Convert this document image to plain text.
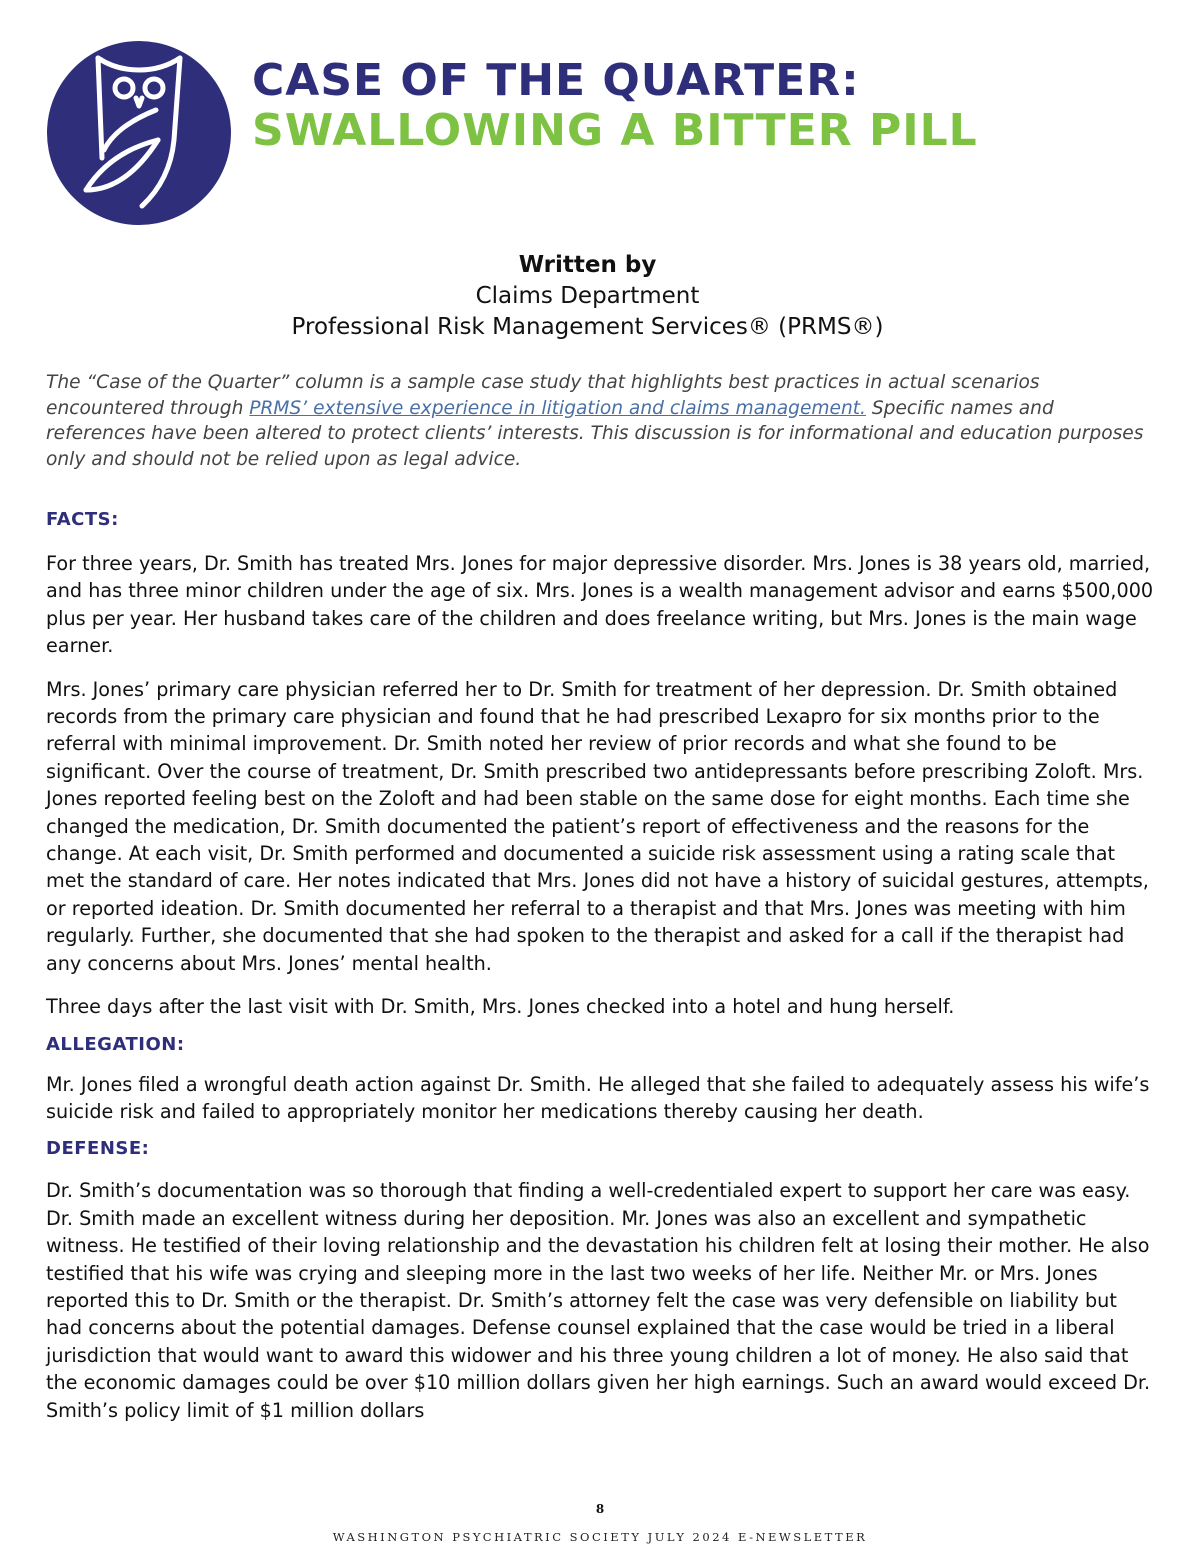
CASE OF THE QUARTER:
SWALLOWING A BITTER PILL
Written by
Claims Department
Professional Risk Management Services® (PRMS®)

The “Case of the Quarter” column is a sample case study that highlights best practices in actual scenarios encountered through PRMS’ extensive experience in litigation and claims management. Specific names and references have been altered to protect clients’ interests. This discussion is for informational and education purposes only and should not be relied upon as legal advice.

FACTS:

For three years, Dr. Smith has treated Mrs. Jones for major depressive disorder. Mrs. Jones is 38 years old, married, and has three minor children under the age of six. Mrs. Jones is a wealth management advisor and earns $500,000 plus per year. Her husband takes care of the children and does freelance writing, but Mrs. Jones is the main wage earner.

Mrs. Jones’ primary care physician referred her to Dr. Smith for treatment of her depression. Dr. Smith obtained records from the primary care physician and found that he had prescribed Lexapro for six months prior to the referral with minimal improvement. Dr. Smith noted her review of prior records and what she found to be significant. Over the course of treatment, Dr. Smith prescribed two antidepressants before prescribing Zoloft. Mrs. Jones reported feeling best on the Zoloft and had been stable on the same dose for eight months. Each time she changed the medication, Dr. Smith documented the patient’s report of effectiveness and the reasons for the change. At each visit, Dr. Smith performed and documented a suicide risk assessment using a rating scale that met the standard of care. Her notes indicated that Mrs. Jones did not have a history of suicidal gestures, attempts, or reported ideation. Dr. Smith documented her referral to a therapist and that Mrs. Jones was meeting with him regularly. Further, she documented that she had spoken to the therapist and asked for a call if the therapist had any concerns about Mrs. Jones’ mental health.

Three days after the last visit with Dr. Smith, Mrs. Jones checked into a hotel and hung herself.

ALLEGATION:

Mr. Jones filed a wrongful death action against Dr. Smith. He alleged that she failed to adequately assess his wife’s suicide risk and failed to appropriately monitor her medications thereby causing her death.

DEFENSE:

Dr. Smith’s documentation was so thorough that finding a well-credentialed expert to support her care was easy. Dr. Smith made an excellent witness during her deposition. Mr. Jones was also an excellent and sympathetic witness. He testified of their loving relationship and the devastation his children felt at losing their mother. He also testified that his wife was crying and sleeping more in the last two weeks of her life. Neither Mr. or Mrs. Jones reported this to Dr. Smith or the therapist. Dr. Smith’s attorney felt the case was very defensible on liability but had concerns about the potential damages. Defense counsel explained that the case would be tried in a liberal jurisdiction that would want to award this widower and his three young children a lot of money. He also said that the economic damages could be over $10 million dollars given her high earnings. Such an award would exceed Dr. Smith’s policy limit of $1 million dollars

8
WASHINGTON PSYCHIATRIC SOCIETY JULY 2024 E-NEWSLETTER
